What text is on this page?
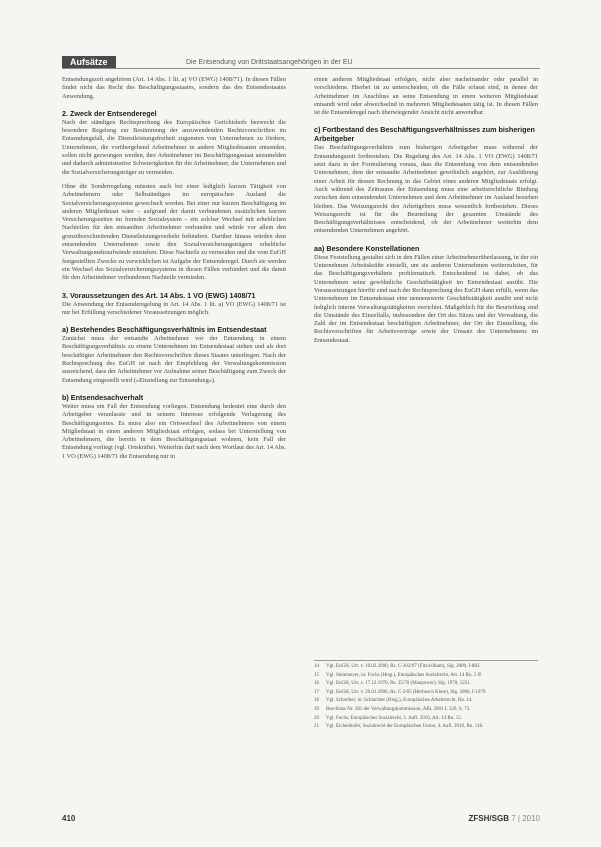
Aufsätze	Die Entsendung von Drittstaatsangehörigen in der EU

Entsendungszeit angehören (Art. 14 Abs. 1 lit. a) VO (EWG) 1408/71). In diesen Fällen findet nicht das Recht des Beschäftigungsstaates, sondern das des Entsendestaates Anwendung.

2. Zweck der Entsenderegel

Nach der ständigen Rechtsprechung des Europäischen Gerichtshofs bezweckt die besondere Regelung zur Bestimmung der anzuwendenden Rechtsvorschriften im Entsendungsfall, die Dienstleistungsfreiheit zugunsten von Unternehmen zu fördern, Unternehmen, die vorübergehend Arbeitnehmer in andere Mitgliedstaaten entsenden, sollen nicht gezwungen werden, ihre Arbeitnehmer im Beschäftigungsstaat anzumelden und dadurch administrative Schwierigkeiten für die Arbeitnehmer, die Unternehmen und die Sozialversicherungsträger zu vermeiden.

Ohne die Sonderregelung müssten auch bei einer lediglich kurzen Tätigkeit von Arbeitnehmern oder Selbständigen im europäischen Ausland die Sozialversicherungssysteme gewechselt werden. Bei einer nur kurzen Beschäftigung im anderen Mitgliedstaat wäre – aufgrund der damit verbundenen zusätzlichen kurzen Versicherungszeiten im fremden Sozialsystem – ein solcher Wechsel mit erheblichen Nachteilen für den entsandten Arbeitnehmer verbunden und würde vor allem den grenzüberschreitenden Dienstleistungsverkehr behindern. Darüber hinaus würden dem entsendenden Unternehmen sowie den Sozialversicherungsträgern erhebliche Verwaltungsmehraufwände entstehen. Diese Nachteile zu vermeiden und die vom EuGH festgestellten Zwecke zu verwirklichen ist Aufgabe der Entsenderegel. Durch sie werden ein Wechsel des Sozialversicherungssystems in diesen Fällen verhindert und die damit für den Arbeitnehmer verbundenen Nachteile vermieden.

3. Voraussetzungen des Art. 14 Abs. 1 VO (EWG) 1408/71

Die Anwendung der Entsenderegelung in Art. 14 Abs. 1 lit. a) VO (EWG) 1408/71 ist nur bei Erfüllung verschiedener Voraussetzungen möglich.

a) Bestehendes Beschäftigungsverhältnis im Entsendestaat

Zunächst muss der entsandte Arbeitnehmer vor der Entsendung in einem Beschäftigungsverhältnis zu einem Unternehmen im Entsendestaat stehen und als dort beschäftigter Arbeitnehmer den Rechtsvorschriften dieses Staates unterliegen. Nach der Rechtsprechung des EuGH ist nach der Empfehlung der Verwaltungskommission ausreichend, dass der Arbeitnehmer vor Aufnahme seiner Beschäftigung zum Zweck der Entsendung eingestellt wird (»Einstellung zur Entsendung«).

b) Entsendesachverhalt

Weiter muss ein Fall der Entsendung vorliegen. Entsendung bedeutet eine durch den Arbeitgeber veranlasste und in seinem Interesse erfolgende Verlagerung des Beschäftigungsortes. Es muss also ein Ortswechsel des Arbeitnehmers von einem Mitgliedstaat in einen anderen Mitgliedstaat erfolgen, sodass bei Unterstellung von Arbeitnehmern, die bereits in dem Beschäftigungsstaat wohnen, kein Fall der Entsendung vorliegt (vgl. Ortskräfte). Weiterhin darf nach dem Wortlaut des Art. 14 Abs. 1 VO (EWG) 1408/71 die Entsendung nur in

einen anderen Mitgliedstaat erfolgen, nicht aber nacheinander oder parallel in verschiedene. Hierbei ist zu unterscheiden, ob die Fälle erfasst sind, in denen der Arbeitnehmer im Anschluss an seine Entsendung in einen weiteren Mitgliedstaat entsandt wird oder abwechselnd in mehreren Mitgliedstaaten tätig ist. In diesen Fällen ist die Entsenderegel nach überwiegender Ansicht nicht anwendbar.

c) Fortbestand des Beschäftigungsverhältnisses zum bisherigen Arbeitgeber

Das Beschäftigungsverhältnis zum bisherigen Arbeitgeber muss während der Entsendungszeit fortbestehen. Die Regelung des Art. 14 Abs. 1 VO (EWG) 1408/71 setzt dazu in der Formulierung voraus, dass die Entsendung von dem entsendenden Unternehmen, dem der entsandte Arbeitnehmer gewöhnlich angehört, zur Ausführung einer Arbeit für dessen Rechnung in das Gebiet eines anderen Mitgliedstaats erfolgt. Auch während des Zeitraums der Entsendung muss eine arbeitsrechtliche Bindung zwischen dem entsendenden Unternehmen und dem Arbeitnehmer im Ausland bestehen bleiben. Das Weisungsrecht des Arbeitgebers muss wesentlich fortbestehen. Dieses Weisungsrecht ist für die Beurteilung der gesamten Umstände des Beschäftigungsverhältnisses entscheidend, ob der Arbeitnehmer weiterhin dem entsendenden Unternehmen angehört.

aa) Besondere Konstellationen

Diese Feststellung gestaltet sich in den Fällen einer Arbeitnehmerüberlassung, in der ein Unternehmen Arbeitskräfte einstellt, um sie anderen Unternehmen weiterzuleiten, für das Beschäftigungsverhältnis problematisch. Entscheidend ist dabei, ob das Unternehmen seine gewöhnliche Geschäftstätigkeit im Entsendestaat ausübt. Die Voraussetzungen hierfür sind nach der Rechtsprechung des EuGH dann erfüllt, wenn das Unternehmen im Entsendestaat eine nennenswerte Geschäftstätigkeit ausübt und nicht lediglich interne Verwaltungstätigkeiten verrichtet. Maßgeblich für die Beurteilung sind die Umstände des Einzelfalls, insbesondere der Ort des Sitzes und der Verwaltung, die Zahl der im Entsendestaat beschäftigten Arbeitnehmer, der Ort der Einstellung, die Rechtsvorschriften für Arbeitsverträge sowie der Umsatz des Unternehmens im Entsendestaat.

14	Vgl. EuGH, Urt. v. 10.02.2000, Rs. C-202/97 (Fitzwilliam), Slg. 2000, I-883.
15	Vgl. Steinmeyer, in: Fuchs (Hrsg.), Europäisches Sozialrecht, Art. 14 Rn. 5 ff.
16	Vgl. EuGH, Urt. v. 17.12.1970, Rs. 35/70 (Manpower), Slg. 1970, 1251.
17	Vgl. EuGH, Urt. v. 26.01.2006, Rs. C-2/05 (Herbosch Kiere), Slg. 2006, I-1079.
18	Vgl. Schreiber, in: Schlachter (Hrsg.), Europäisches Arbeitsrecht, Rn. 14.
19	Beschluss Nr. 181 der Verwaltungskommission, ABl. 2001 L 329, S. 73.
20	Vgl. Fuchs, Europäisches Sozialrecht, 5. Aufl. 2010, Art. 14 Rn. 12.
21	Vgl. Eichenhofer, Sozialrecht der Europäischen Union, 4. Aufl. 2010, Rn. 110.
410	ZFSH/SGB 7 | 2010
